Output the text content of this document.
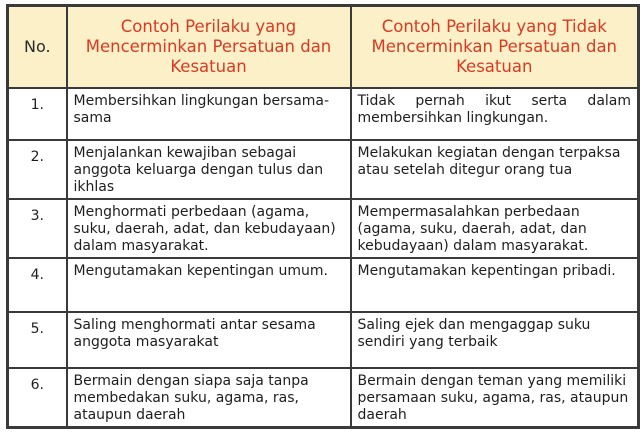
No.	Contoh Perilaku yang Mencerminkan Persatuan dan Kesatuan	Contoh Perilaku yang Tidak Mencerminkan Persatuan dan Kesatuan
1.	Membersihkan lingkungan bersama-sama	Tidak pernah ikut serta dalam membersihkan lingkungan.
2.	Menjalankan kewajiban sebagai anggota keluarga dengan tulus dan ikhlas	Melakukan kegiatan dengan terpaksa atau setelah ditegur orang tua
3.	Menghormati perbedaan (agama, suku, daerah, adat, dan kebudayaan) dalam masyarakat.	Mempermasalahkan perbedaan (agama, suku, daerah, adat, dan kebudayaan) dalam masyarakat.
4.	Mengutamakan kepentingan umum.	Mengutamakan kepentingan pribadi.
5.	Saling menghormati antar sesama anggota masyarakat	Saling ejek dan mengaggap suku sendiri yang terbaik
6.	Bermain dengan siapa saja tanpa membedakan suku, agama, ras, ataupun daerah	Bermain dengan teman yang memiliki persamaan suku, agama, ras, ataupun daerah
